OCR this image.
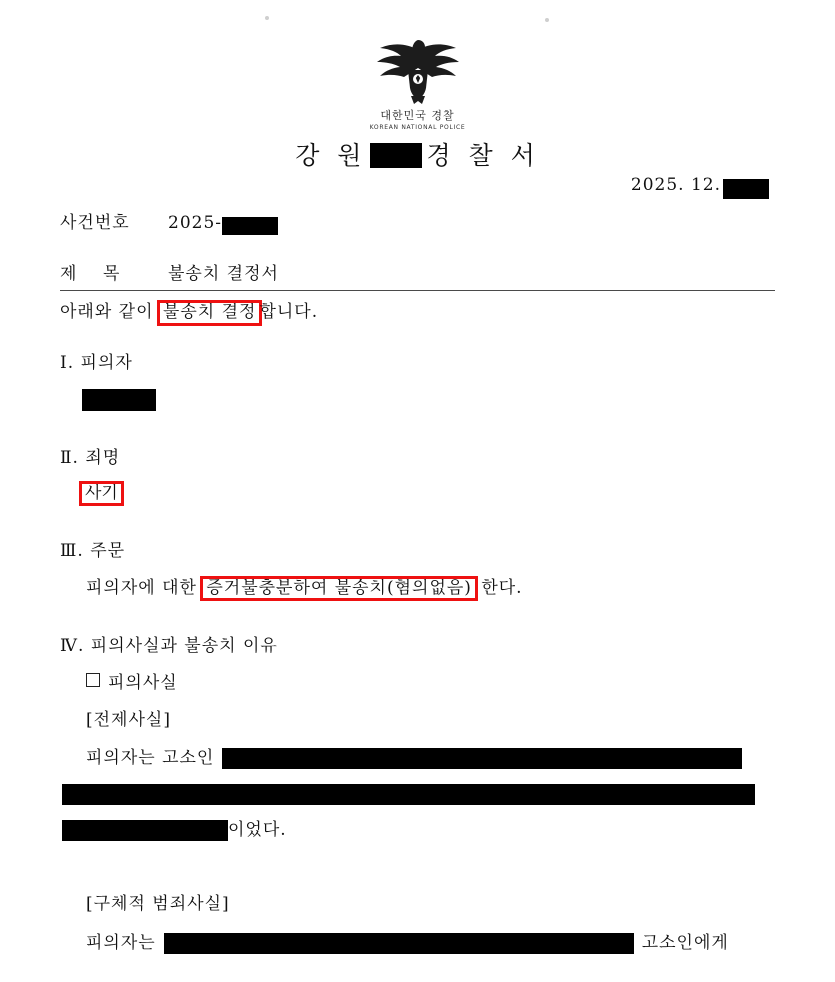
대한민국 경찰
KOREAN NATIONAL POLICE
강 원 경 찰 서
2025. 12.
사건번호	2025-
제    목	불송치 결정서
아래와 같이 불송치 결정 합니다.
Ⅰ. 피의자
Ⅱ. 죄명
사기
Ⅲ. 주문
피의자에 대한 증거불충분하여 불송치(혐의없음) 한다.
Ⅳ. 피의사실과 불송치 이유
피의사실
[전제사실]
피의자는 고소인
이었다.
[구체적 범죄사실]
피의자는	고소인에게
